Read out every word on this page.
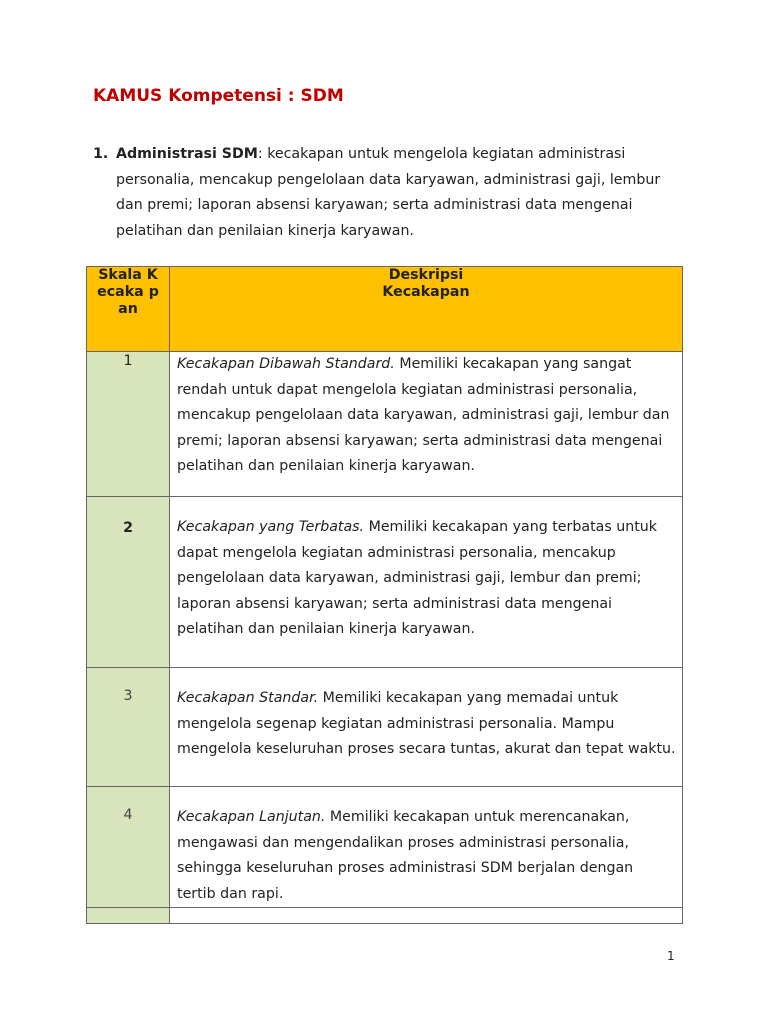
KAMUS Kompetensi : SDM
1. Administrasi SDM: kecakapan untuk mengelola kegiatan administrasi personalia, mencakup pengelolaan data karyawan, administrasi gaji, lembur dan premi; laporan absensi karyawan; serta administrasi data mengenai pelatihan dan penilaian kinerja karyawan.
Skala Kecaka pan	Deskripsi
Kecakapan

1	Kecakapan Dibawah Standard. Memiliki kecakapan yang sangat rendah untuk dapat mengelola kegiatan administrasi personalia, mencakup pengelolaan data karyawan, administrasi gaji, lembur dan premi; laporan absensi karyawan; serta administrasi data mengenai pelatihan dan penilaian kinerja karyawan.

2	Kecakapan yang Terbatas. Memiliki kecakapan yang terbatas untuk dapat mengelola kegiatan administrasi personalia, mencakup pengelolaan data karyawan, administrasi gaji, lembur dan premi; laporan absensi karyawan; serta administrasi data mengenai pelatihan dan penilaian kinerja karyawan.

3	Kecakapan Standar. Memiliki kecakapan yang memadai untuk mengelola segenap kegiatan administrasi personalia. Mampu mengelola keseluruhan proses secara tuntas, akurat dan tepat waktu.

4	Kecakapan Lanjutan. Memiliki kecakapan untuk merencanakan, mengawasi dan mengendalikan proses administrasi personalia, sehingga keseluruhan proses administrasi SDM berjalan dengan tertib dan rapi.

1
